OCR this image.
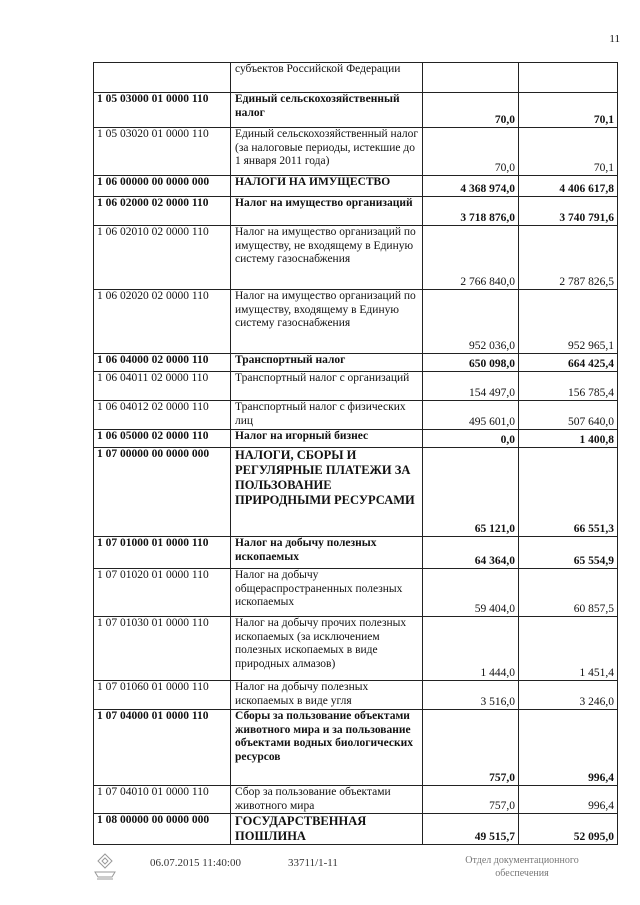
11
	субъектов Российской Федерации		
1 05 03000 01 0000 110	Единый сельскохозяйственный налог	70,0	70,1
1 05 03020 01 0000 110	Единый сельскохозяйственный налог (за налоговые периоды, истекшие до 1 января 2011 года)	70,0	70,1
1 06 00000 00 0000 000	НАЛОГИ НА ИМУЩЕСТВО	4 368 974,0	4 406 617,8
1 06 02000 02 0000 110	Налог на имущество организаций	3 718 876,0	3 740 791,6
1 06 02010 02 0000 110	Налог на имущество организаций по имуществу, не входящему в Единую систему газоснабжения	2 766 840,0	2 787 826,5
1 06 02020 02 0000 110	Налог на имущество организаций по имуществу, входящему в Единую систему газоснабжения	952 036,0	952 965,1
1 06 04000 02 0000 110	Транспортный налог	650 098,0	664 425,4
1 06 04011 02 0000 110	Транспортный налог с организаций	154 497,0	156 785,4
1 06 04012 02 0000 110	Транспортный налог с физических лиц	495 601,0	507 640,0
1 06 05000 02 0000 110	Налог на игорный бизнес	0,0	1 400,8
1 07 00000 00 0000 000	НАЛОГИ, СБОРЫ И РЕГУЛЯРНЫЕ ПЛАТЕЖИ ЗА ПОЛЬЗОВАНИЕ ПРИРОДНЫМИ РЕСУРСАМИ	65 121,0	66 551,3
1 07 01000 01 0000 110	Налог на добычу полезных ископаемых	64 364,0	65 554,9
1 07 01020 01 0000 110	Налог на добычу общераспространенных полезных ископаемых	59 404,0	60 857,5
1 07 01030 01 0000 110	Налог на добычу прочих полезных ископаемых (за исключением полезных ископаемых в виде природных алмазов)	1 444,0	1 451,4
1 07 01060 01 0000 110	Налог на добычу полезных ископаемых в виде угля	3 516,0	3 246,0
1 07 04000 01 0000 110	Сборы за пользование объектами животного мира и за пользование объектами водных биологических ресурсов	757,0	996,4
1 07 04010 01 0000 110	Сбор за пользование объектами животного мира	757,0	996,4
1 08 00000 00 0000 000	ГОСУДАРСТВЕННАЯ ПОШЛИНА	49 515,7	52 095,0
06.07.2015 11:40:00	33711/1-11	Отдел документационного
обеспечения
